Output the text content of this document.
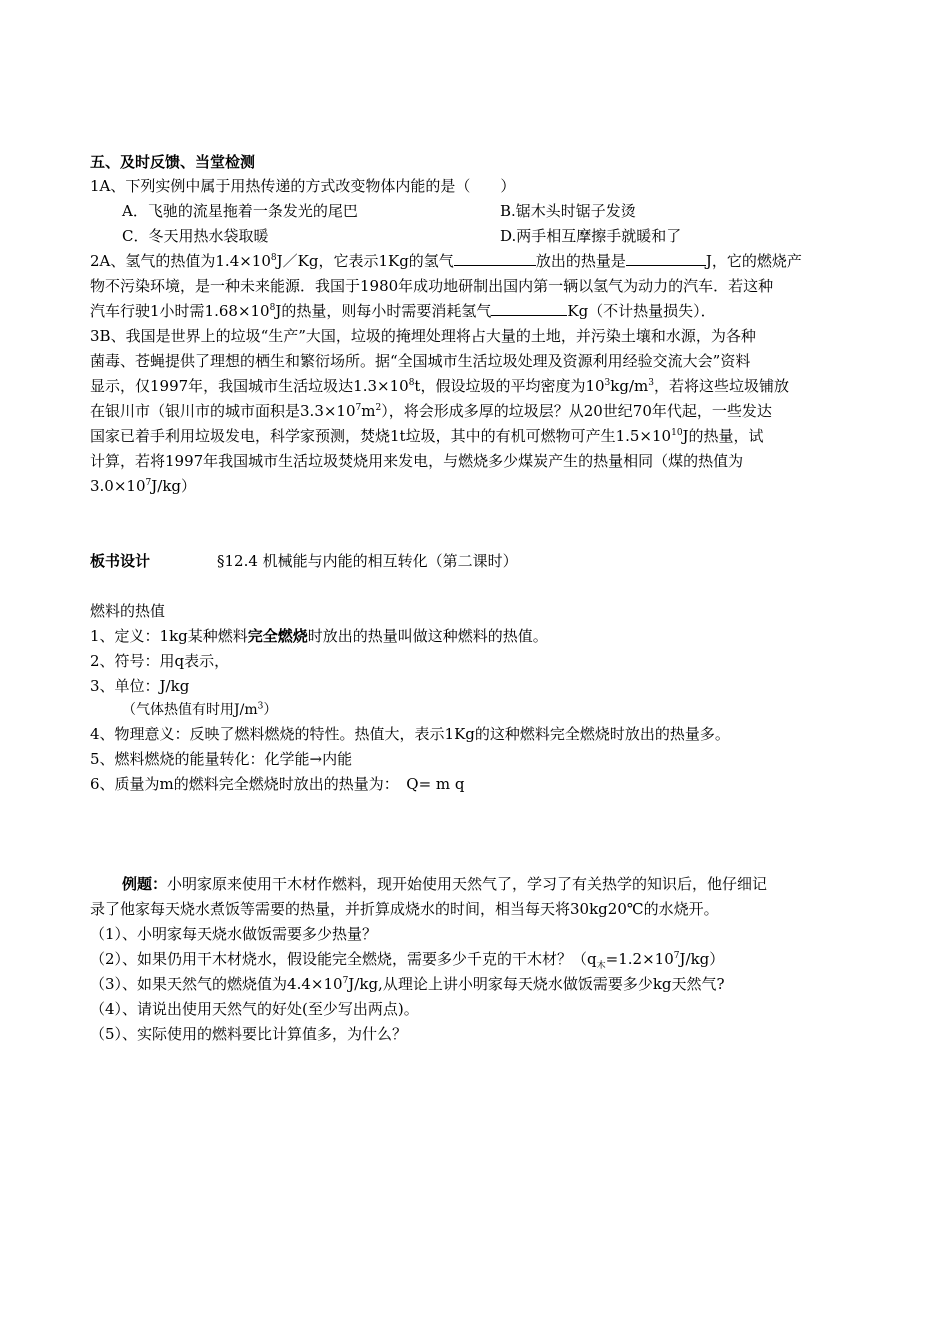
五、及时反馈、当堂检测
1A、下列实例中属于用热传递的方式改变物体内能的是（　　）
A．飞驰的流星拖着一条发光的尾巴	B.锯木头时锯子发烫
C．冬天用热水袋取暖	D.两手相互摩擦手就暖和了
2A、氢气的热值为$1.4\times 10^8J/Kg$，它表示1Kg的氢气	放出的热量是	J，它的燃烧产
物不污染环境，是一种未来能源．我国于1980年成功地研制出国内第一辆以氢气为动力的汽车．若这种
汽车行驶1小时需$1.68\times 10^8J$的热量，则每小时需要消耗氢气	Kg（不计热量损失）．
3B、我国是世界上的垃圾“生产”大国，垃圾的掩埋处理将占大量的土地，并污染土壤和水源，为各种
菌毒、苍蝇提供了理想的栖生和繁衍场所。据“全国城市生活垃圾处理及资源利用经验交流大会”资料
显示，仅1997年，我国城市生活垃圾达$1.3\times 10^8t$，假设垃圾的平均密度为$10^3kg/m^3$，若将这些垃圾铺放
在银川市（银川市的城市面积是$3.3\times 10^7m^2$），将会形成多厚的垃圾层？从20世纪70年代起，一些发达
国家已着手利用垃圾发电，科学家预测，焚烧1t垃圾，其中的有机可燃物可产生$1.5\times 10^{10}J$的热量，试
计算，若将1997年我国城市生活垃圾焚烧用来发电，与燃烧多少煤炭产生的热量相同（煤的热值为
$3.0\times 10^7J/kg$）
板书设计	§12.4 机械能与内能的相互转化（第二课时）
燃料的热值
1、定义：1kg某种燃料完全燃烧时放出的热量叫做这种燃料的热值。
2、符号：用q表示，
3、单位：J/kg
（气体热值有时用$J/m^3$）
4、物理意义：反映了燃料燃烧的特性。热值大，表示1Kg的这种燃料完全燃烧时放出的热量多。
5、燃料燃烧的能量转化：化学能→内能
6、质量为m的燃料完全燃烧时放出的热量为：　Q= m q
例题：小明家原来使用干木材作燃料，现开始使用天然气了，学习了有关热学的知识后，他仔细记
录了他家每天烧水煮饭等需要的热量，并折算成烧水的时间，相当每天将30kg20℃的水烧开。
（1）、小明家每天烧水做饭需要多少热量？
（2）、如果仍用干木材烧水，假设能完全燃烧，需要多少千克的干木材？$(q_木=1.2\times 10^7J/kg)$
（3）、如果天然气的燃烧值为$4.4\times 10^7J/kg$,从理论上讲小明家每天烧水做饭需要多少kg天然气?
（4）、请说出使用天然气的好处(至少写出两点)。
（5）、实际使用的燃料要比计算值多，为什么？
